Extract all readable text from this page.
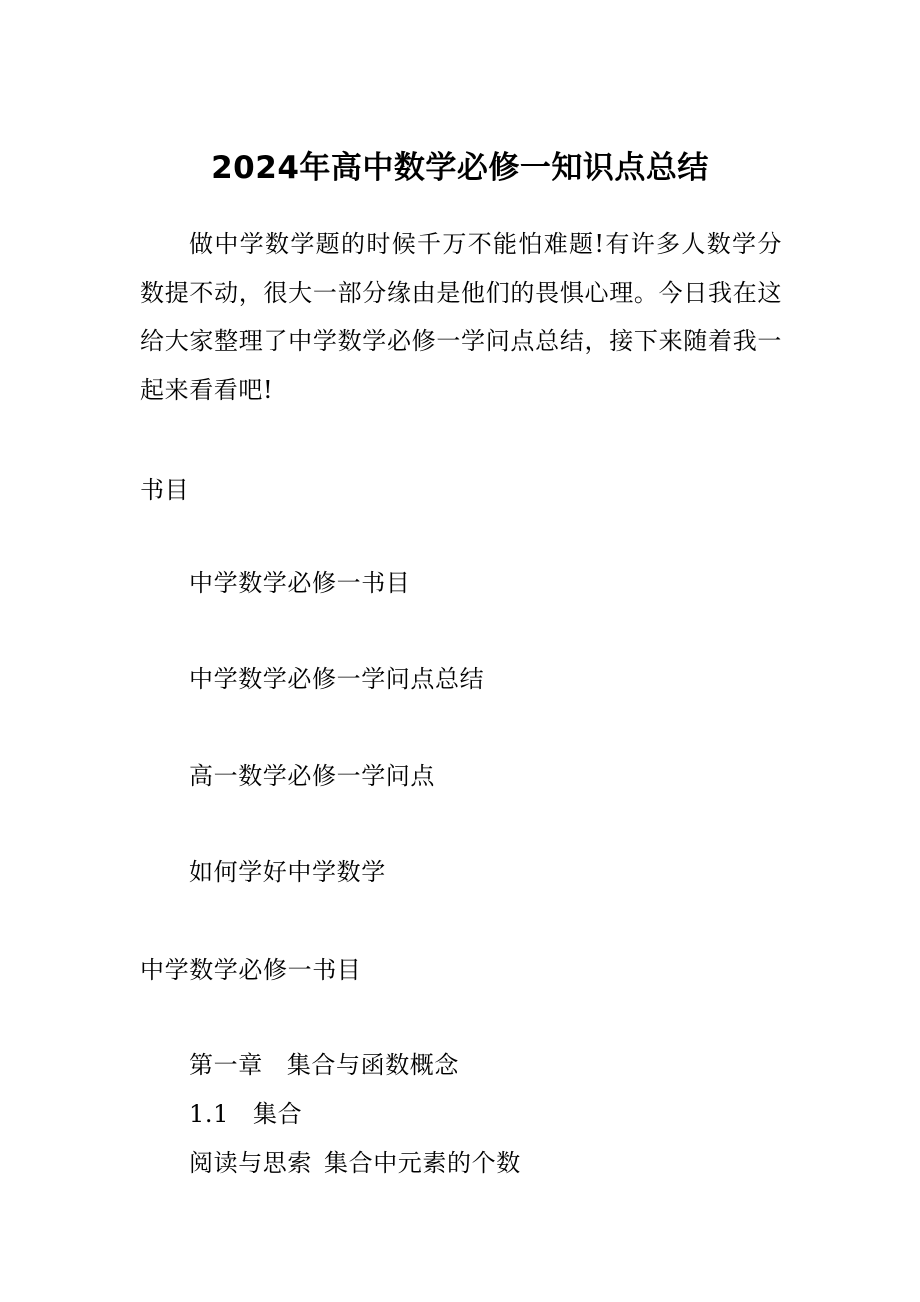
2024年高中数学必修一知识点总结

做中学数学题的时候千万不能怕难题!有许多人数学分数提不动，很大一部分缘由是他们的畏惧心理。今日我在这给大家整理了中学数学必修一学问点总结，接下来随着我一起来看看吧!

书目
中学数学必修一书目
中学数学必修一学问点总结
高一数学必修一学问点
如何学好中学数学
中学数学必修一书目
第一章 集合与函数概念
1.1 集合
阅读与思索 集合中元素的个数
